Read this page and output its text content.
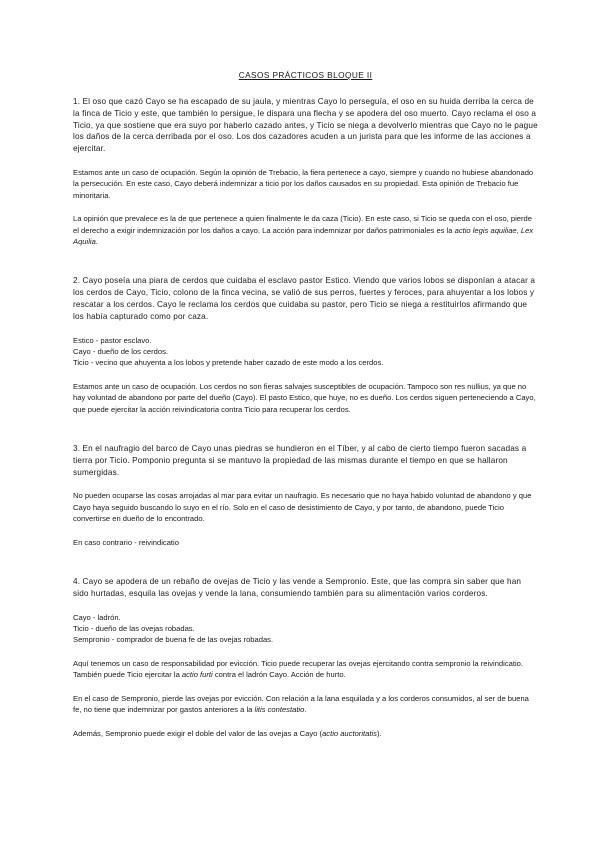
CASOS PRÁCTICOS BLOQUE II

1. El oso que cazó Cayo se ha escapado de su jaula, y mientras Cayo lo perseguía, el oso en su huida derriba la cerca de la finca de Ticio y este, que también lo persigue, le dispara una flecha y se apodera del oso muerto. Cayo reclama el oso a Ticio, ya que sostiene que era suyo por haberlo cazado antes, y Ticio se niega a devolverlo mientras que Cayo no le pague los daños de la cerca derribada por el oso. Los dos cazadores acuden a un jurista para que les informe de las acciones a ejercitar.

Estamos ante un caso de ocupación. Según la opinión de Trebacio, la fiera pertenece a cayo, siempre y cuando no hubiese abandonado la persecución. En este caso, Cayo deberá indemnizar a ticio por los daños causados en su propiedad. Esta opinión de Trebacio fue minoritaria.

La opinión que prevalece es la de que pertenece a quien finalmente le da caza (Ticio). En este caso, si Ticio se queda con el oso, pierde el derecho a exigir indemnización por los daños a cayo. La acción para indemnizar por daños patrimoniales es la actio legis aquiliae, Lex Aquilia.

2. Cayo poseía una piara de cerdos que cuidaba el esclavo pastor Estico. Viendo que varios lobos se disponían a atacar a los cerdos de Cayo, Ticio, colono de la finca vecina, se valió de sus perros, fuertes y feroces, para ahuyentar a los lobos y rescatar a los cerdos. Cayo le reclama los cerdos que cuidaba su pastor, pero Ticio se niega a restituirlos afirmando que los había capturado como por caza.

Estico - pastor esclavo.
Cayo - dueño de los cerdos.
Ticio - vecino que ahuyenta a los lobos y pretende haber cazado de este modo a los cerdos.

Estamos ante un caso de ocupación. Los cerdos no son fieras salvajes susceptibles de ocupación. Tampoco son res nullius, ya que no hay voluntad de abandono por parte del dueño (Cayo). El pasto Estico, que huye, no es dueño. Los cerdos siguen perteneciendo a Cayo, que puede ejercitar la acción reivindicatoria contra Ticio para recuperar los cerdos.

3. En el naufragio del barco de Cayo unas piedras se hundieron en el Tíber, y al cabo de cierto tiempo fueron sacadas a tierra por Ticio. Pomponio pregunta si se mantuvo la propiedad de las mismas durante el tiempo en que se hallaron sumergidas.

No pueden ocuparse las cosas arrojadas al mar para evitar un naufragio. Es necesario que no haya habido voluntad de abandono y que Cayo haya seguido buscando lo suyo en el río. Solo en el caso de desistimiento de Cayo, y por tanto, de abandono, puede Ticio convertirse en dueño de lo encontrado.

En caso contrario - reivindicatio

4. Cayo se apodera de un rebaño de ovejas de Ticio y las vende a Sempronio. Este, que las compra sin saber que han sido hurtadas, esquila las ovejas y vende la lana, consumiendo también para su alimentación varios corderos.

Cayo - ladrón.
Ticio - dueño de las ovejas robadas.
Sempronio - comprador de buena fe de las ovejas robadas.

Aquí tenemos un caso de responsabilidad por evicción. Ticio puede recuperar las ovejas ejercitando contra sempronio la reivindicatio. También puede Ticio ejercitar la actio furti contra el ladrón Cayo. Acción de hurto.

En el caso de Sempronio, pierde las ovejas por evicción. Con relación a la lana esquilada y a los corderos consumidos, al ser de buena fe, no tiene que indemnizar por gastos anteriores a la litis contestatio.

Además, Sempronio puede exigir el doble del valor de las ovejas a Cayo (actio auctoritatis).
